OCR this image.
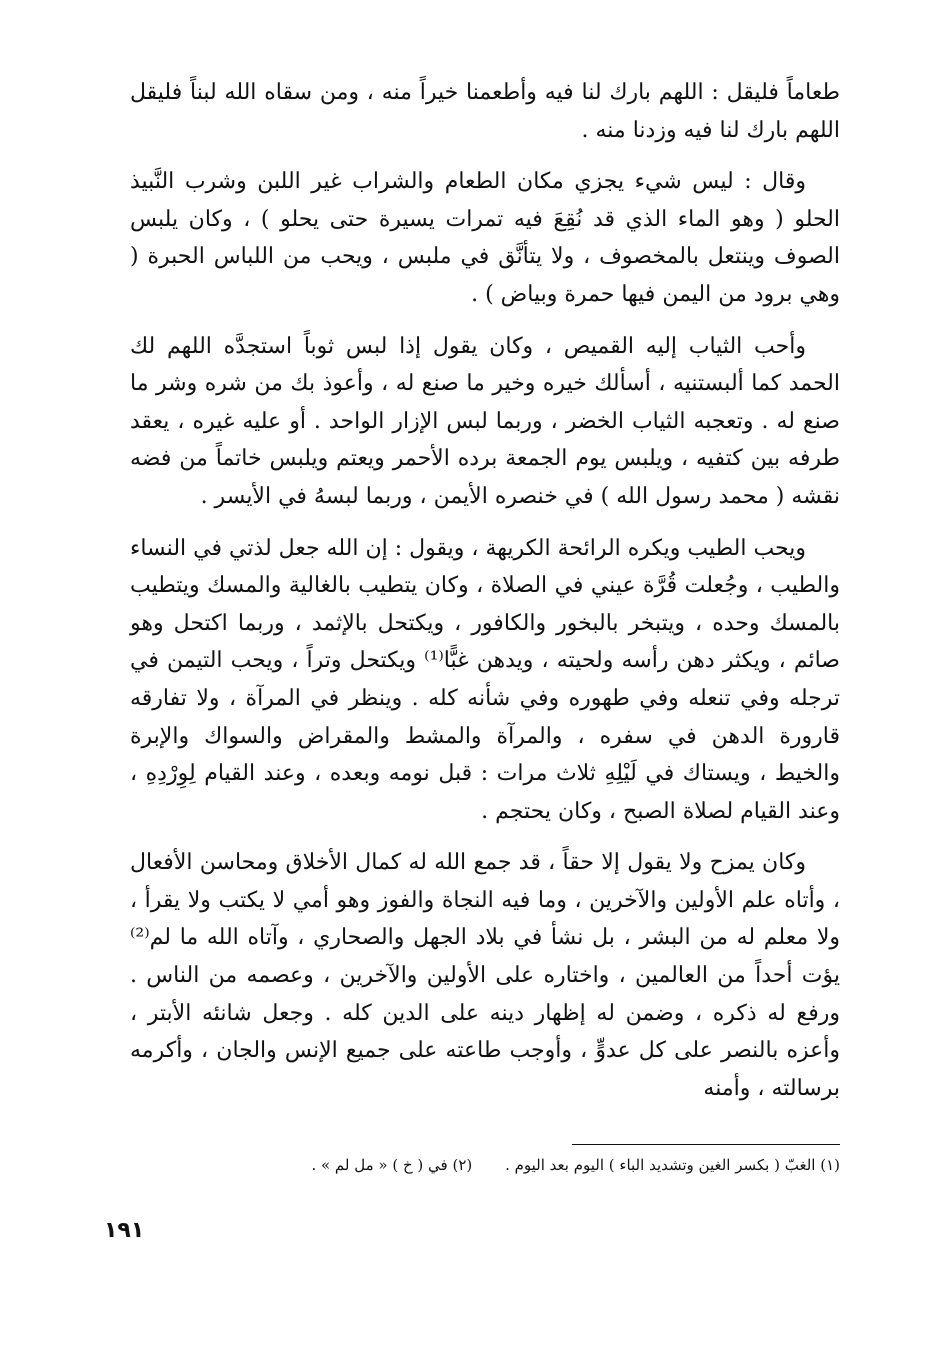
طعاماً فليقل : اللهم بارك لنا فيه وأطعمنا خيراً منه ، ومن سقاه الله لبناً فليقل اللهم بارك لنا فيه وزدنا منه .

وقال : ليس شيء يجزي مكان الطعام والشراب غير اللبن وشرب النَّبيذ الحلو ( وهو الماء الذي قد نُقِعَ فيه تمرات يسيرة حتى يحلو ) ، وكان يلبس الصوف وينتعل بالمخصوف ، ولا يتأنَّق في ملبس ، ويحب من اللباس الحبرة ( وهي برود من اليمن فيها حمرة وبياض ) .

وأحب الثياب إليه القميص ، وكان يقول إذا لبس ثوباً استجدَّه اللهم لك الحمد كما ألبستنيه ، أسألك خيره وخير ما صنع له ، وأعوذ بك من شره وشر ما صنع له . وتعجبه الثياب الخضر ، وربما لبس الإزار الواحد . أو عليه غيره ، يعقد طرفه بين كتفيه ، ويلبس يوم الجمعة برده الأحمر ويعتم ويلبس خاتماً من فضه نقشه ( محمد رسول الله ) في خنصره الأيمن ، وربما لبسهُ في الأيسر .

ويحب الطيب ويكره الرائحة الكريهة ، ويقول : إن الله جعل لذتي في النساء والطيب ، وجُعلت قُرَّة عيني في الصلاة ، وكان يتطيب بالغالية والمسك ويتطيب بالمسك وحده ، ويتبخر بالبخور والكافور ، ويكتحل بالإثمد ، وربما اكتحل وهو صائم ، ويكثر دهن رأسه ولحيته ، ويدهن غبًّا⁽¹⁾ ويكتحل وتراً ، ويحب التيمن في ترجله وفي تنعله وفي طهوره وفي شأنه كله . وينظر في المرآة ، ولا تفارقه قارورة الدهن في سفره ، والمرآة والمشط والمقراض والسواك والإبرة والخيط ، ويستاك في لَيْلِهِ ثلاث مرات : قبل نومه وبعده ، وعند القيام لِوِرْدِهِ ، وعند القيام لصلاة الصبح ، وكان يحتجم .

وكان يمزح ولا يقول إلا حقاً ، قد جمع الله له كمال الأخلاق ومحاسن الأفعال ، وأتاه علم الأولين والآخرين ، وما فيه النجاة والفوز وهو أمي لا يكتب ولا يقرأ ، ولا معلم له من البشر ، بل نشأ في بلاد الجهل والصحاري ، وآتاه الله ما لم⁽²⁾ يؤت أحداً من العالمين ، واختاره على الأولين والآخرين ، وعصمه من الناس . ورفع له ذكره ، وضمن له إظهار دينه على الدين كله . وجعل شانئه الأبتر ، وأعزه بالنصر على كل عدوٍّ ، وأوجب طاعته على جميع الإنس والجان ، وأكرمه برسالته ، وأمنه

(١) الغبّ ( بكسر الغين وتشديد الباء ) اليوم بعد اليوم . (٢) في ( خ ) « مل لم » .
١٩١
